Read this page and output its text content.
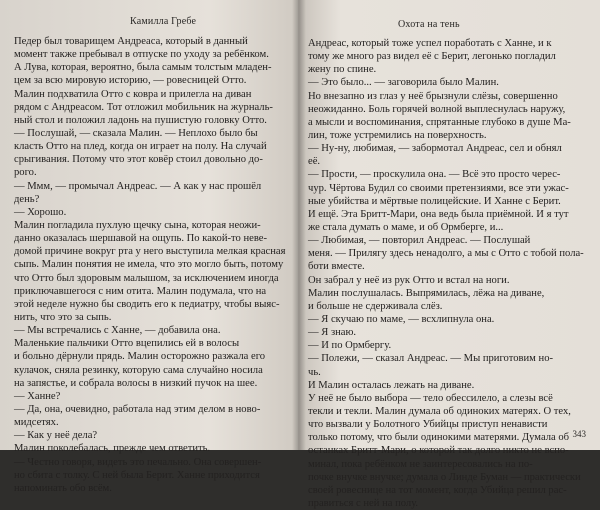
Камилла Гребе
Педер был товарищем Андреаса, который в данный
момент также пребывал в отпуске по уходу за ребёнком.
А Лува, которая, вероятно, была самым толстым младен-
цем за всю мировую историю, — ровесницей Отто.
Малин подхватила Отто с ковра и прилегла на диван
рядом с Андреасом. Тот отложил мобильник на журналь-
ный стол и положил ладонь на пушистую головку Отто.
— Послушай, — сказала Малин. — Неплохо было бы
класть Отто на плед, когда он играет на полу. На случай
срыгивания. Потому что этот ковёр стоил довольно до-
рого.
— Ммм, — промычал Андреас. — А как у нас прошёл
день?
— Хорошо.
Малин погладила пухлую щечку сына, которая неожи-
данно оказалась шершавой на ощупь. По какой-то неве-
домой причине вокруг рта у него выступила мелкая красная
сыпь. Малин понятия не имела, что это могло быть, потому
что Отто был здоровым малышом, за исключением иногда
приключавшегося с ним отита. Малин подумала, что на
этой неделе нужно бы сводить его к педиатру, чтобы выяс-
нить, что это за сыпь.
— Мы встречались с Ханне, — добавила она.
Маленькие пальчики Отто вцепились ей в волосы
и больно дёрнули прядь. Малин осторожно разжала его
кулачок, сняла резинку, которую сама случайно носила
на запястье, и собрала волосы в низкий пучок на шее.
— Ханне?
— Да, она, очевидно, работала над этим делом в ново-
мидсетях.
— Как у неё дела?
Малин поколебалась, прежде чем ответить.
— Честно говоря, видеть это печально. Она совершен-
но сбита с толку. С ней была Берит. Ханне приходится
напоминать обо всём.
Охота на тень
Андреас, который тоже успел поработать с Ханне, и к
тому же много раз видел её с Берит, легонько погладил
жену по спине.
— Это было... — заговорила было Малин.
Но внезапно из глаз у неё брызнули слёзы, совершенно
неожиданно. Боль горячей волной выплеснулась наружу,
а мысли и воспоминания, спрятанные глубоко в душе Ма-
лин, тоже устремились на поверхность.
— Ну-ну, любимая, — забормотал Андреас, сел и обнял
её.
— Прости, — проскулила она. — Всё это просто черес-
чур. Чёртова Будил со своими претензиями, все эти ужас-
ные убийства и мёртвые полицейские. И Ханне с Берит.
И ещё. Эта Бритт-Мари, она ведь была приёмной. И я тут
же стала думать о маме, и об Ормберге, и...
— Любимая, — повторил Андреас. — Послушай
меня. — Прилягу здесь ненадолго, а мы с Отто с тобой пола-
боти вместе.
Он забрал у неё из рук Отто и встал на ноги.
Малин послушалась. Выпрямилась, лёжа на диване,
и больше не сдерживала слёз.
— Я скучаю по маме, — всхлипнула она.
— Я знаю.
— И по Ормбергу.
— Полежи, — сказал Андреас. — Мы приготовим но-
чь.
И Малин осталась лежать на диване.
У неё не было выбора — тело обессилело, а слезы всё
текли и текли. Малин думала об одиноких матерях. О тех,
что вызвали у Болотного Убийцы приступ ненависти
только потому, что были одинокими матерями. Думала об
останках Бритт-Мари, о которой так долго никто не вспо-
минал, пока ребёнком не заинтересовались на по-
почке внучке внучке; думала о Линде Буман — практически
своей ровеснице на тот момент, когда Убийца решил рас-
правиться с ней на полу.
343
